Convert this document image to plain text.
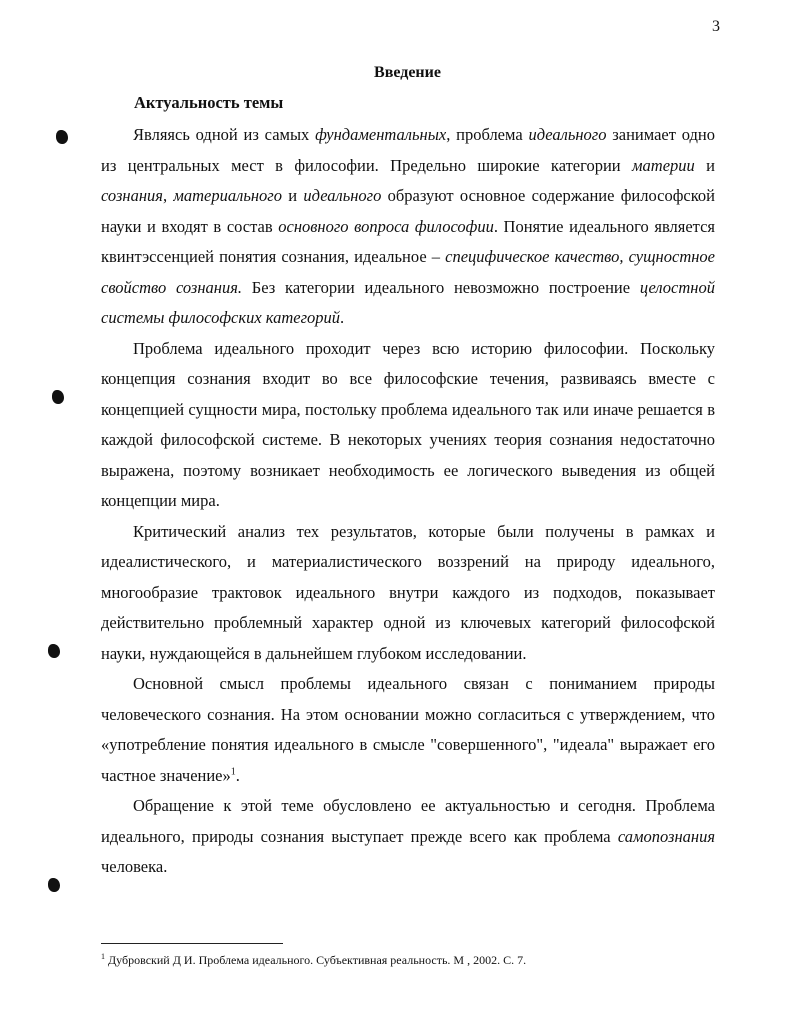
3
Введение
Актуальность темы

Являясь одной из самых фундаментальных, проблема идеального занимает одно из центральных мест в философии. Предельно широкие категории материи и сознания, материального и идеального образуют основное содержание философской науки и входят в состав основного вопроса философии. Понятие идеального является квинтэссенцией понятия сознания, идеальное – специфическое качество, сущностное свойство сознания. Без категории идеального невозможно построение целостной системы философских категорий.

Проблема идеального проходит через всю историю философии. Поскольку концепция сознания входит во все философские течения, развиваясь вместе с концепцией сущности мира, постольку проблема идеального так или иначе решается в каждой философской системе. В некоторых учениях теория сознания недостаточно выражена, поэтому возникает необходимость ее логического выведения из общей концепции мира.

Критический анализ тех результатов, которые были получены в рамках и идеалистического, и материалистического воззрений на природу идеального, многообразие трактовок идеального внутри каждого из подходов, показывает действительно проблемный характер одной из ключевых категорий философской науки, нуждающейся в дальнейшем глубоком исследовании.

Основной смысл проблемы идеального связан с пониманием природы человеческого сознания. На этом основании можно согласиться с утверждением, что «употребление понятия идеального в смысле "совершенного", "идеала" выражает его частное значение»$^1$.

Обращение к этой теме обусловлено ее актуальностью и сегодня. Проблема идеального, природы сознания выступает прежде всего как проблема самопознания человека.

$^1$ Дубровский Д И. Проблема идеального. Субъективная реальность. М , 2002. С. 7.
